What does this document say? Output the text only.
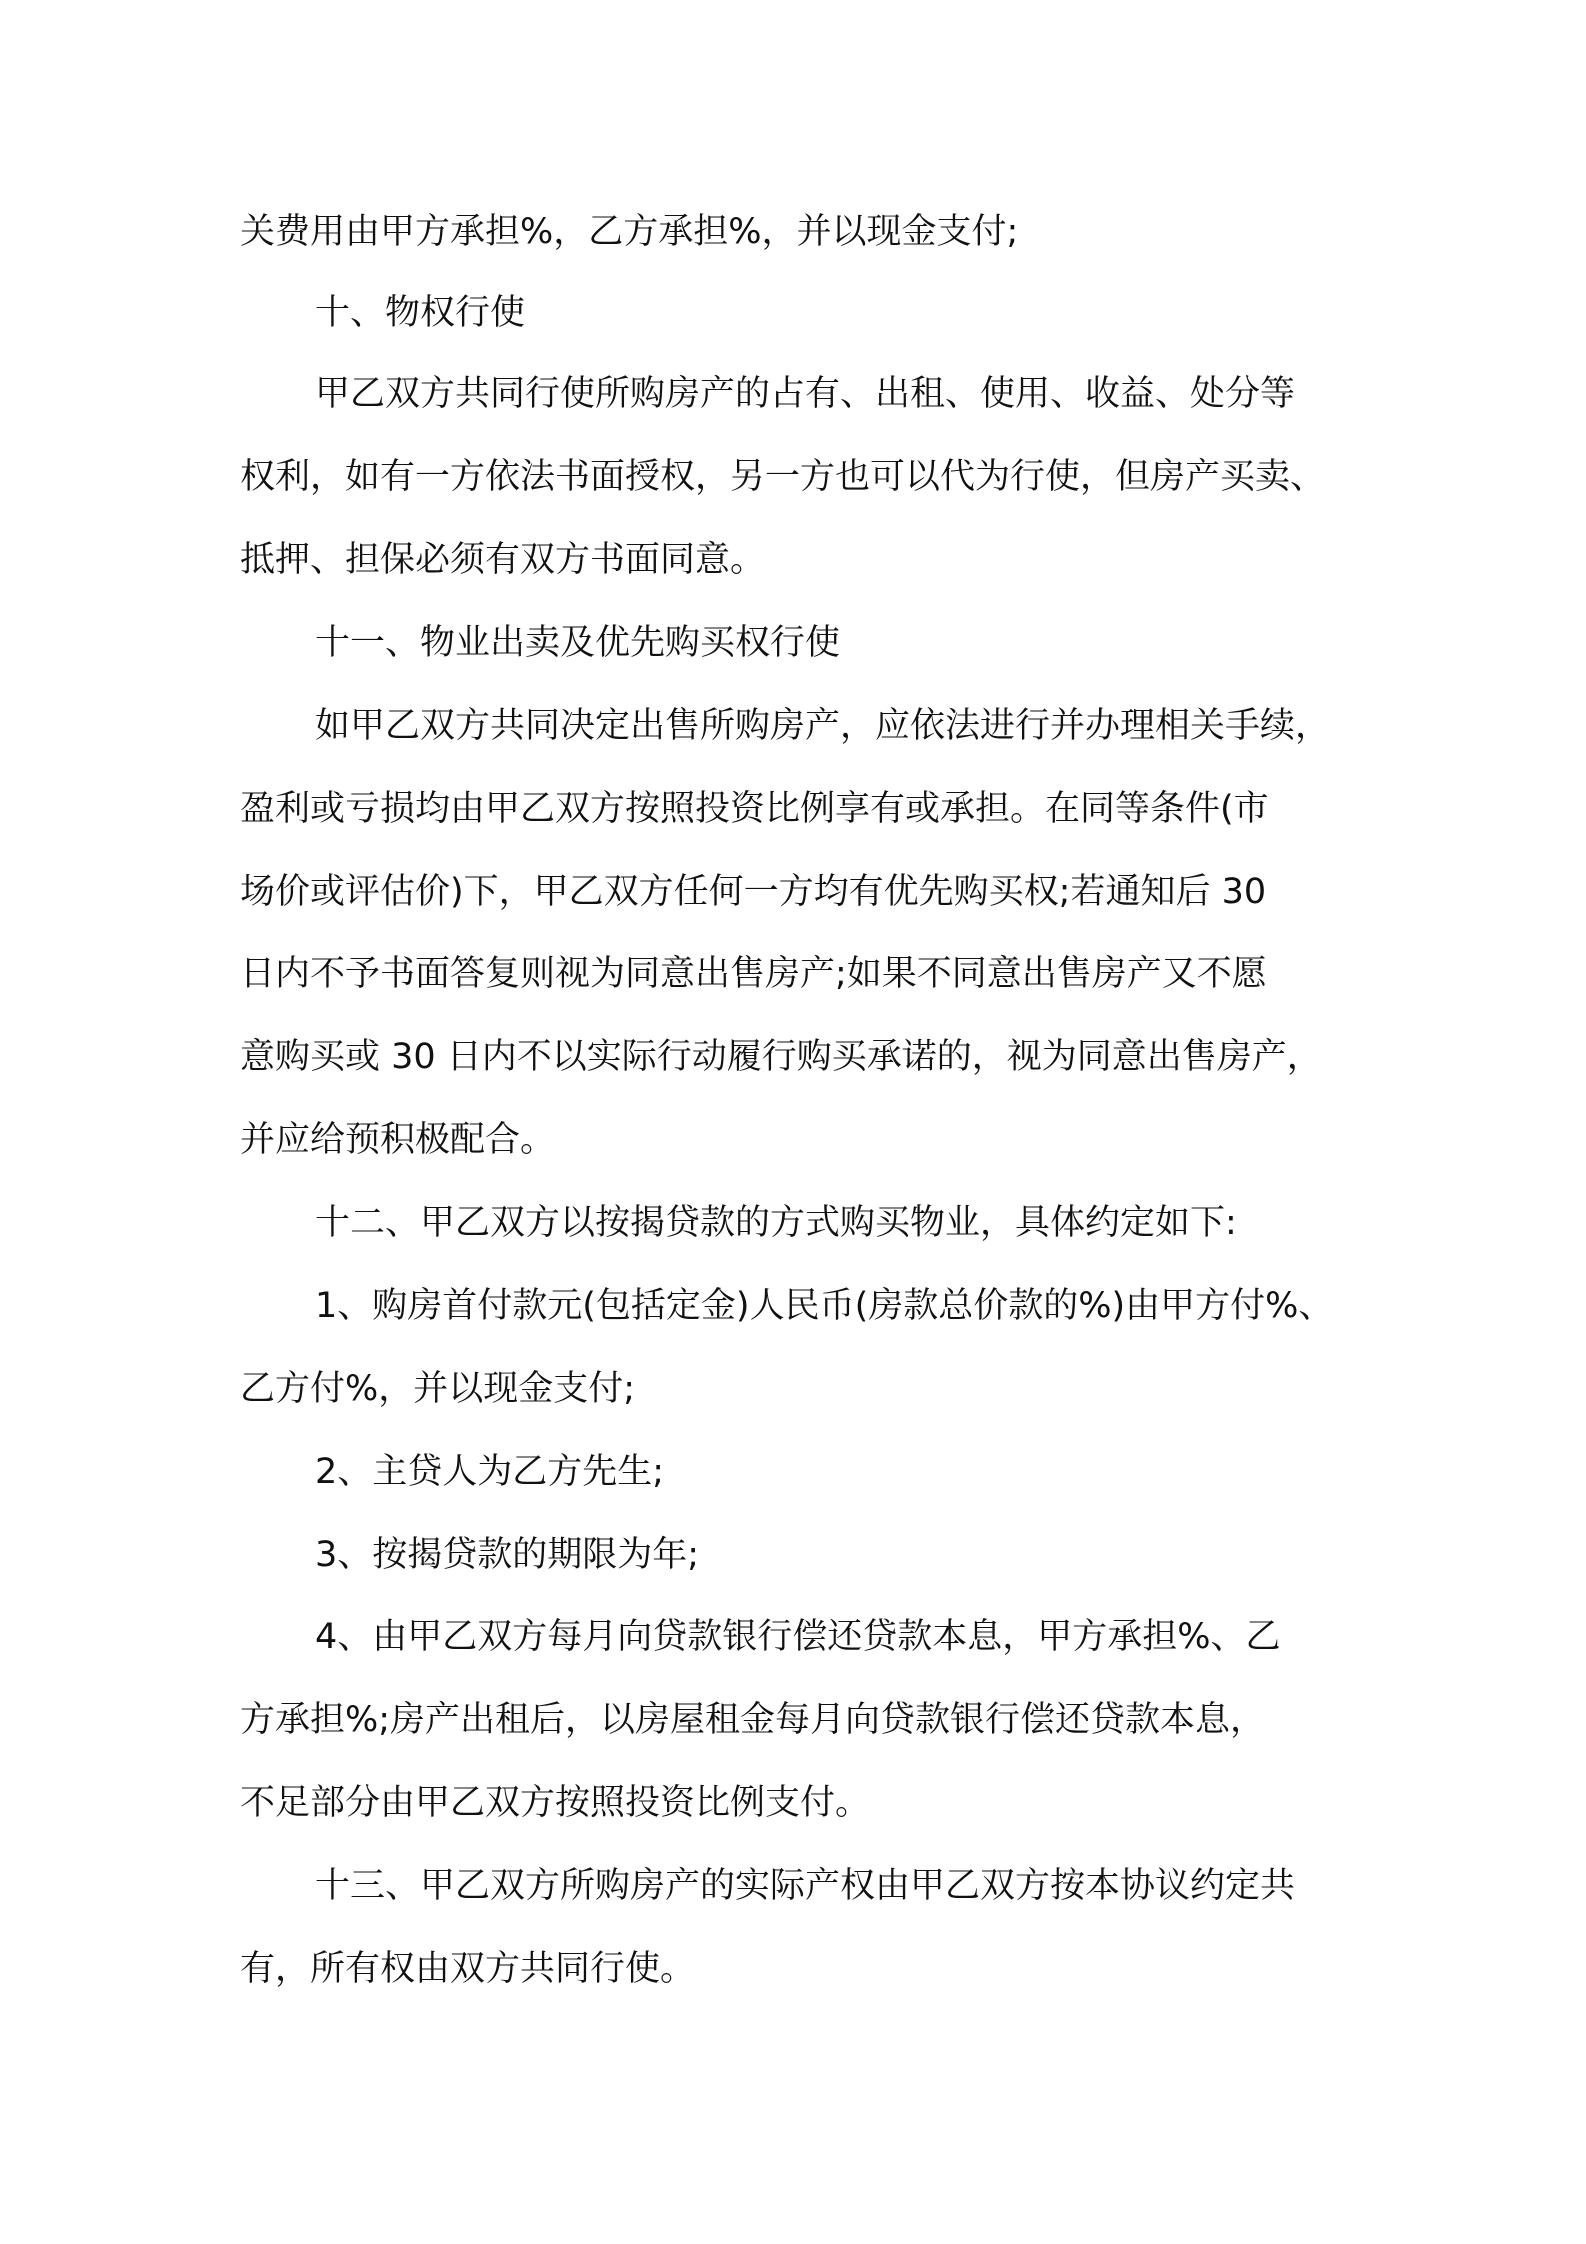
关费用由甲方承担%，乙方承担%，并以现金支付;
十、物权行使
甲乙双方共同行使所购房产的占有、出租、使用、收益、处分等
权利，如有一方依法书面授权，另一方也可以代为行使，但房产买卖、
抵押、担保必须有双方书面同意。
十一、物业出卖及优先购买权行使
如甲乙双方共同决定出售所购房产，应依法进行并办理相关手续，
盈利或亏损均由甲乙双方按照投资比例享有或承担。在同等条件(市
场价或评估价)下，甲乙双方任何一方均有优先购买权;若通知后 30
日内不予书面答复则视为同意出售房产;如果不同意出售房产又不愿
意购买或 30 日内不以实际行动履行购买承诺的，视为同意出售房产，
并应给预积极配合。
十二、甲乙双方以按揭贷款的方式购买物业，具体约定如下:
1、购房首付款元(包括定金)人民币(房款总价款的%)由甲方付%、
乙方付%，并以现金支付;
2、主贷人为乙方先生;
3、按揭贷款的期限为年;
4、由甲乙双方每月向贷款银行偿还贷款本息，甲方承担%、乙
方承担%;房产出租后，以房屋租金每月向贷款银行偿还贷款本息，
不足部分由甲乙双方按照投资比例支付。
十三、甲乙双方所购房产的实际产权由甲乙双方按本协议约定共
有，所有权由双方共同行使。
